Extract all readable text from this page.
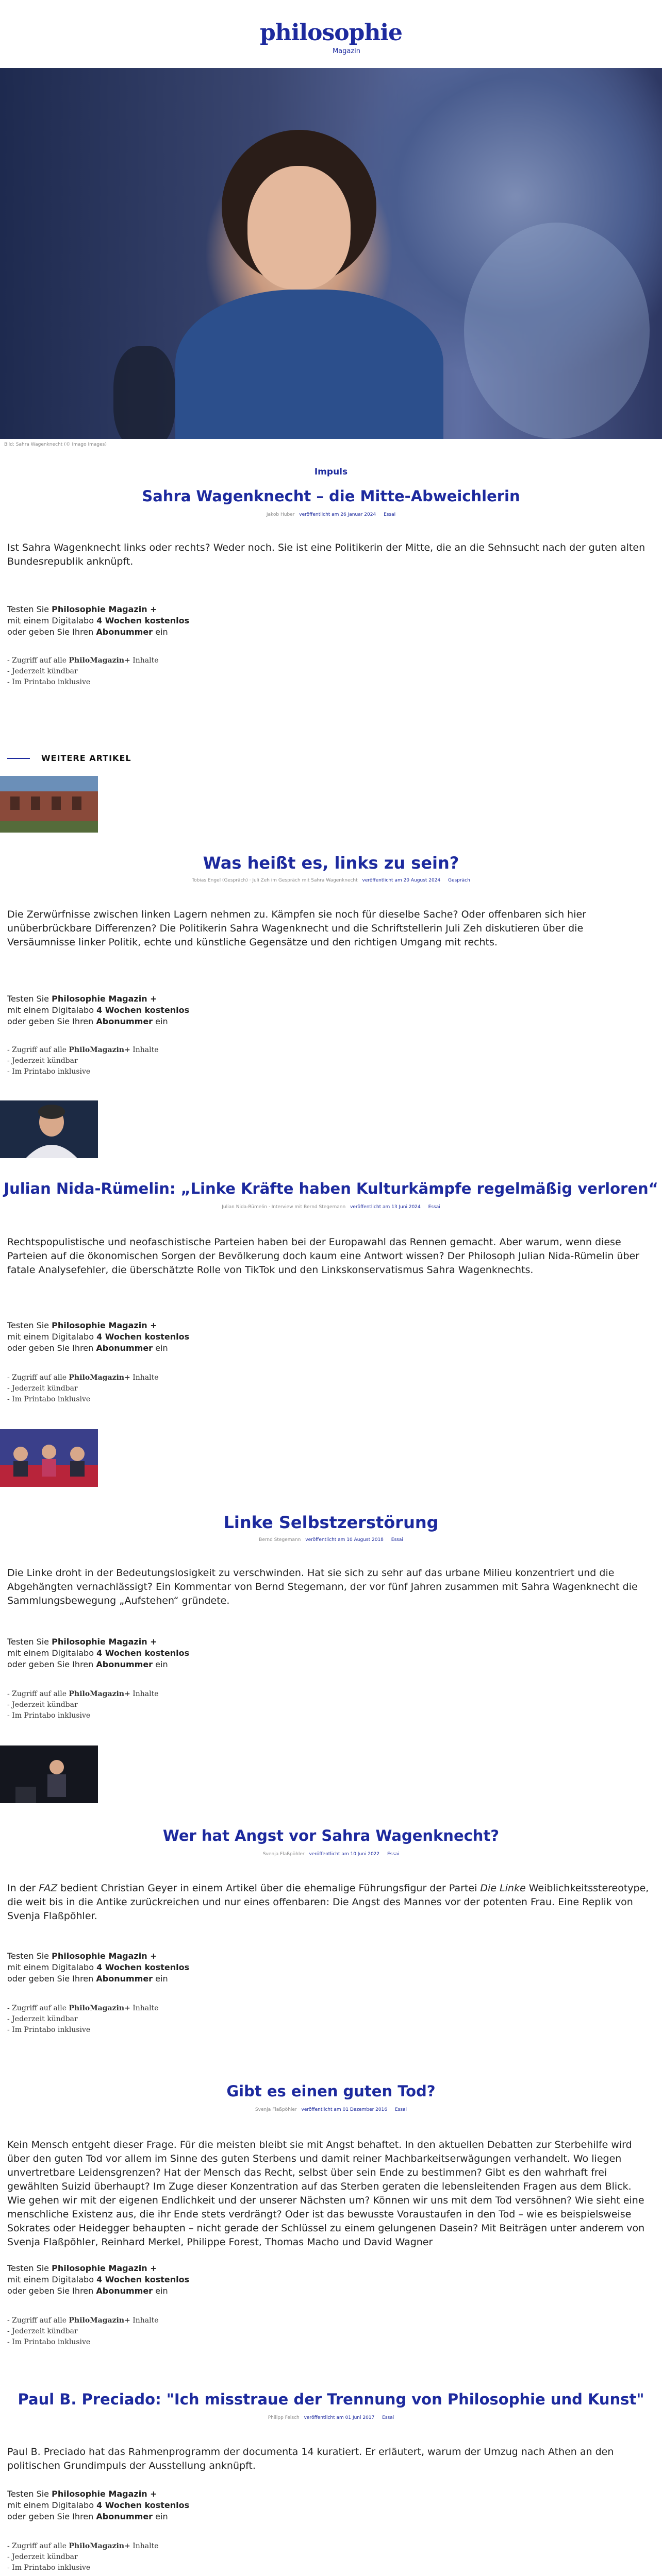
philosophie
Magazin
Bild: Sahra Wagenknecht (© Imago Images)
Impuls
Sahra Wagenknecht – die Mitte-Abweichlerin
Jakob Huber veröffentlicht am 26 Januar 2024 Essai
Ist Sahra Wagenknecht links oder rechts? Weder noch. Sie ist eine Politikerin der Mitte, die an die Sehnsucht nach der guten alten Bundesrepublik anknüpft.
Testen Sie Philosophie Magazin +
mit einem Digitalabo 4 Wochen kostenlos
oder geben Sie Ihren Abonummer ein
- Zugriff auf alle PhiloMagazin+ Inhalte
- Jederzeit kündbar
- Im Printabo inklusive
WEITERE ARTIKEL
Was heißt es, links zu sein?
Tobias Engel (Gespräch) · Juli Zeh im Gespräch mit Sahra Wagenknecht veröffentlicht am 20 August 2024 Gespräch
Die Zerwürfnisse zwischen linken Lagern nehmen zu. Kämpfen sie noch für dieselbe Sache? Oder offenbaren sich hier unüberbrückbare Differenzen? Die Politikerin Sahra Wagenknecht und die Schriftstellerin Juli Zeh diskutieren über die Versäumnisse linker Politik, echte und künstliche Gegensätze und den richtigen Umgang mit rechts.
Testen Sie Philosophie Magazin +
mit einem Digitalabo 4 Wochen kostenlos
oder geben Sie Ihren Abonummer ein
- Zugriff auf alle PhiloMagazin+ Inhalte
- Jederzeit kündbar
- Im Printabo inklusive
Julian Nida-Rümelin: „Linke Kräfte haben Kulturkämpfe regelmäßig verloren“
Julian Nida-Rümelin · Interview mit Bernd Stegemann veröffentlicht am 13 Juni 2024 Essai
Rechtspopulistische und neofaschistische Parteien haben bei der Europawahl das Rennen gemacht. Aber warum, wenn diese Parteien auf die ökonomischen Sorgen der Bevölkerung doch kaum eine Antwort wissen? Der Philosoph Julian Nida-Rümelin über fatale Analysefehler, die überschätzte Rolle von TikTok und den Linkskonservatismus Sahra Wagenknechts.
Testen Sie Philosophie Magazin +
mit einem Digitalabo 4 Wochen kostenlos
oder geben Sie Ihren Abonummer ein
- Zugriff auf alle PhiloMagazin+ Inhalte
- Jederzeit kündbar
- Im Printabo inklusive
Linke Selbstzerstörung
Bernd Stegemann veröffentlicht am 10 August 2018 Essai
Die Linke droht in der Bedeutungslosigkeit zu verschwinden. Hat sie sich zu sehr auf das urbane Milieu konzentriert und die Abgehängten vernachlässigt? Ein Kommentar von Bernd Stegemann, der vor fünf Jahren zusammen mit Sahra Wagenknecht die Sammlungsbewegung „Aufstehen“ gründete.
Testen Sie Philosophie Magazin +
mit einem Digitalabo 4 Wochen kostenlos
oder geben Sie Ihren Abonummer ein
- Zugriff auf alle PhiloMagazin+ Inhalte
- Jederzeit kündbar
- Im Printabo inklusive
Wer hat Angst vor Sahra Wagenknecht?
Svenja Flaßpöhler veröffentlicht am 10 Juni 2022 Essai
In der FAZ bedient Christian Geyer in einem Artikel über die ehemalige Führungsfigur der Partei Die Linke Weiblichkeitsstereotype, die weit bis in die Antike zurückreichen und nur eines offenbaren: Die Angst des Mannes vor der potenten Frau. Eine Replik von Svenja Flaßpöhler.
Testen Sie Philosophie Magazin +
mit einem Digitalabo 4 Wochen kostenlos
oder geben Sie Ihren Abonummer ein
- Zugriff auf alle PhiloMagazin+ Inhalte
- Jederzeit kündbar
- Im Printabo inklusive
Gibt es einen guten Tod?
Svenja Flaßpöhler veröffentlicht am 01 Dezember 2016 Essai
Kein Mensch entgeht dieser Frage. Für die meisten bleibt sie mit Angst behaftet. In den aktuellen Debatten zur Sterbehilfe wird über den guten Tod vor allem im Sinne des guten Sterbens und damit reiner Machbarkeitserwägungen verhandelt. Wo liegen unvertretbare Leidensgrenzen? Hat der Mensch das Recht, selbst über sein Ende zu bestimmen? Gibt es den wahrhaft frei gewählten Suizid überhaupt? Im Zuge dieser Konzentration auf das Sterben geraten die lebensleitenden Fragen aus dem Blick. Wie gehen wir mit der eigenen Endlichkeit und der unserer Nächsten um? Können wir uns mit dem Tod versöhnen? Wie sieht eine menschliche Existenz aus, die ihr Ende stets verdrängt? Oder ist das bewusste Voraustaufen in den Tod – wie es beispielsweise Sokrates oder Heidegger behaupten – nicht gerade der Schlüssel zu einem gelungenen Dasein? Mit Beiträgen unter anderem von Svenja Flaßpöhler, Reinhard Merkel, Philippe Forest, Thomas Macho und David Wagner
Testen Sie Philosophie Magazin +
mit einem Digitalabo 4 Wochen kostenlos
oder geben Sie Ihren Abonummer ein
- Zugriff auf alle PhiloMagazin+ Inhalte
- Jederzeit kündbar
- Im Printabo inklusive
Paul B. Preciado: "Ich misstraue der Trennung von Philosophie und Kunst"
Philipp Felsch veröffentlicht am 01 Juni 2017 Essai
Paul B. Preciado hat das Rahmenprogramm der documenta 14 kuratiert. Er erläutert, warum der Umzug nach Athen an den politischen Grundimpuls der Ausstellung anknüpft.
Testen Sie Philosophie Magazin +
mit einem Digitalabo 4 Wochen kostenlos
oder geben Sie Ihren Abonummer ein
- Zugriff auf alle PhiloMagazin+ Inhalte
- Jederzeit kündbar
- Im Printabo inklusive
